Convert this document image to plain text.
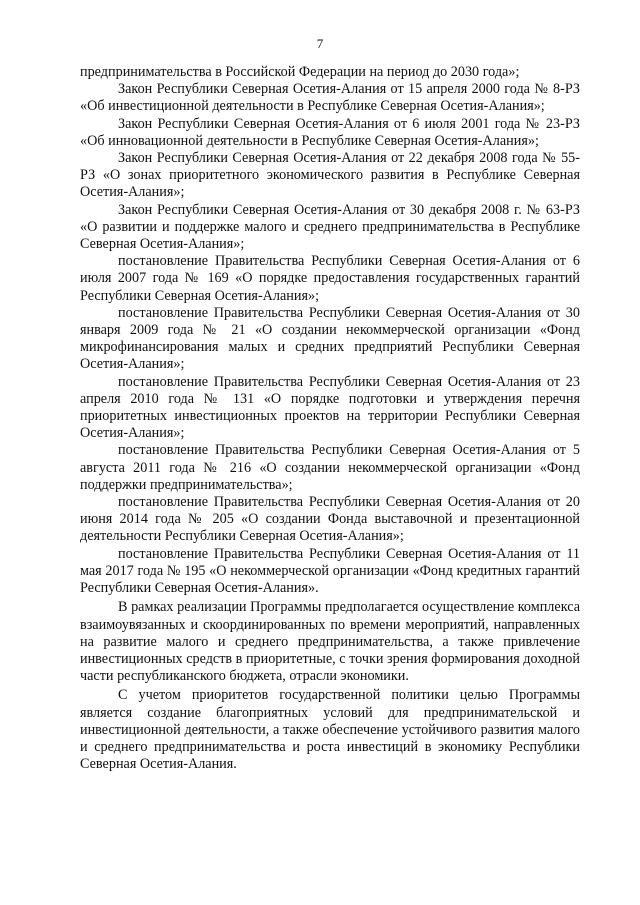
7

предпринимательства в Российской Федерации на период до 2030 года»;

Закон Республики Северная Осетия-Алания от 15 апреля 2000 года № 8-РЗ «Об инвестиционной деятельности в Республике Северная Осетия-Алания»;

Закон Республики Северная Осетия-Алания от 6 июля 2001 года № 23-РЗ «Об инновационной деятельности в Республике Северная Осетия-Алания»;

Закон Республики Северная Осетия-Алания от 22 декабря 2008 года № 55-РЗ «О зонах приоритетного экономического развития в Республике Северная Осетия-Алания»;

Закон Республики Северная Осетия-Алания от 30 декабря 2008 г. № 63-РЗ «О развитии и поддержке малого и среднего предпринимательства в Республике Северная Осетия-Алания»;

постановление Правительства Республики Северная Осетия-Алания от 6 июля 2007 года № 169 «О порядке предоставления государственных гарантий Республики Северная Осетия-Алания»;

постановление Правительства Республики Северная Осетия-Алания от 30 января 2009 года № 21 «О создании некоммерческой организации «Фонд микрофинансирования малых и средних предприятий Республики Северная Осетия-Алания»;

постановление Правительства Республики Северная Осетия-Алания от 23 апреля 2010 года № 131 «О порядке подготовки и утверждения перечня приоритетных инвестиционных проектов на территории Республики Северная Осетия-Алания»;

постановление Правительства Республики Северная Осетия-Алания от 5 августа 2011 года № 216 «О создании некоммерческой организации «Фонд поддержки предпринимательства»;

постановление Правительства Республики Северная Осетия-Алания от 20 июня 2014 года № 205 «О создании Фонда выставочной и презентационной деятельности Республики Северная Осетия-Алания»;

постановление Правительства Республики Северная Осетия-Алания от 11 мая 2017 года № 195 «О некоммерческой организации «Фонд кредитных гарантий Республики Северная Осетия-Алания».

В рамках реализации Программы предполагается осуществление комплекса взаимоувязанных и скоординированных по времени мероприятий, направленных на развитие малого и среднего предпринимательства, а также привлечение инвестиционных средств в приоритетные, с точки зрения формирования доходной части республиканского бюджета, отрасли экономики.

С учетом приоритетов государственной политики целью Программы является создание благоприятных условий для предпринимательской и инвестиционной деятельности, а также обеспечение устойчивого развития малого и среднего предпринимательства и роста инвестиций в экономику Республики Северная Осетия-Алания.
